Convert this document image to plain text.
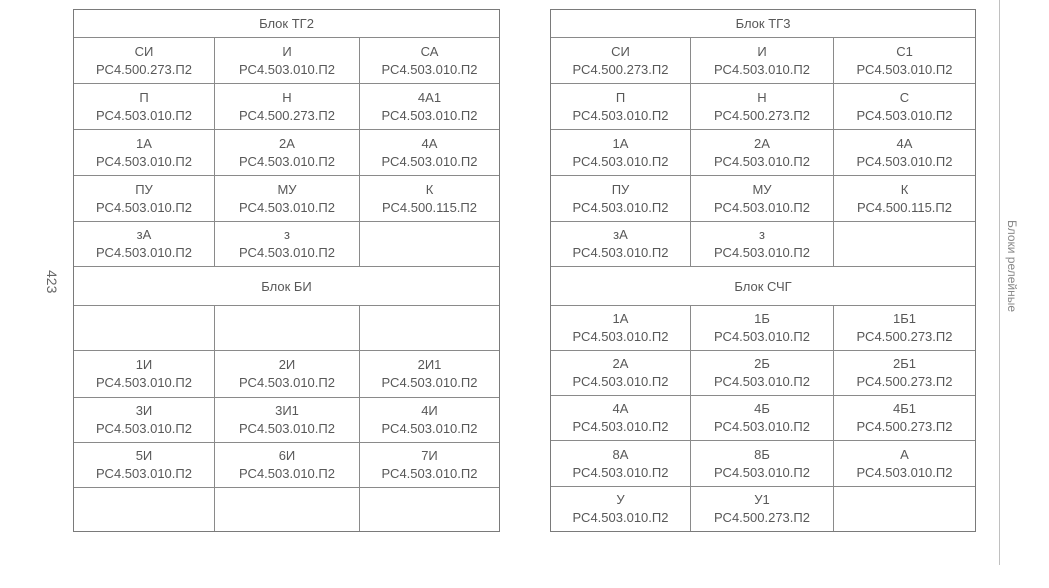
423	Блоки релейные
Блок ТГ2
СИ
РС4.500.273.П2
И
РС4.503.010.П2
СА
РС4.503.010.П2
П
РС4.503.010.П2
Н
РС4.500.273.П2
4А1
РС4.503.010.П2
1А
РС4.503.010.П2
2А
РС4.503.010.П2
4А
РС4.503.010.П2
ПУ
РС4.503.010.П2
МУ
РС4.503.010.П2
К
РС4.500.115.П2
зА
РС4.503.010.П2
з
РС4.503.010.П2
Блок БИ
1И
РС4.503.010.П2
2И
РС4.503.010.П2
2И1
РС4.503.010.П2
3И
РС4.503.010.П2
3И1
РС4.503.010.П2
4И
РС4.503.010.П2
5И
РС4.503.010.П2
6И
РС4.503.010.П2
7И
РС4.503.010.П2
Блок ТГ3
СИ
РС4.500.273.П2
И
РС4.503.010.П2
С1
РС4.503.010.П2
П
РС4.503.010.П2
Н
РС4.500.273.П2
С
РС4.503.010.П2
1А
РС4.503.010.П2
2А
РС4.503.010.П2
4А
РС4.503.010.П2
ПУ
РС4.503.010.П2
МУ
РС4.503.010.П2
К
РС4.500.115.П2
зА
РС4.503.010.П2
з
РС4.503.010.П2
Блок СЧГ
1А
РС4.503.010.П2
1Б
РС4.503.010.П2
1Б1
РС4.500.273.П2
2А
РС4.503.010.П2
2Б
РС4.503.010.П2
2Б1
РС4.500.273.П2
4А
РС4.503.010.П2
4Б
РС4.503.010.П2
4Б1
РС4.500.273.П2
8А
РС4.503.010.П2
8Б
РС4.503.010.П2
А
РС4.503.010.П2
У
РС4.503.010.П2
У1
РС4.500.273.П2
